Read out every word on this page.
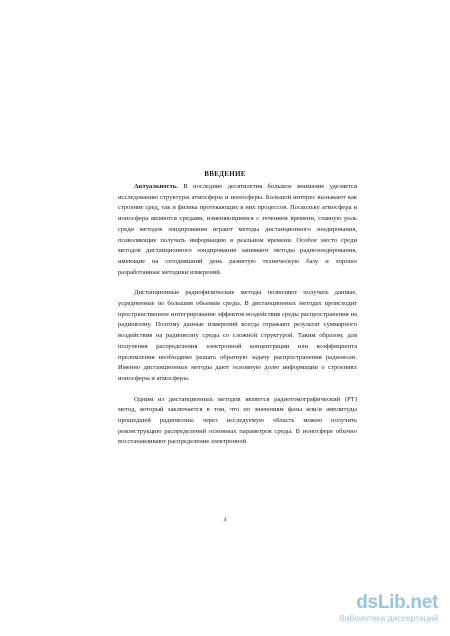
ВВЕДЕНИЕ

Актуальность. В последние десятилетия большое внимание уделяется исследованию структуры атмосферы и ионосферы. Большой интерес вызывают как строение сред, так и физика протекающих в них процессов. Поскольку атмосфера и ионосфера являются средами, изменяющимися с течением времени, главную роль среди методов зондирования играют методы дистанционного зондирования, позволяющие получать информацию в реальном времени. Особое место среди методов дистанционного зондирования занимают методы радиозондирования, имеющие на сегодняшний день развитую техническую базу и хорошо разработанные методики измерений.

Дистанционные радиофизические методы позволяют получать данные, усредненные по большим объемам среды. В дистанционных методах происходит пространственное интегрирование эффектов воздействия среды распространения на радиоволну. Поэтому данные измерений всегда отражают результат суммарного воздействия на радиоволну среды со сложной структурой. Таким образом, для получения распределения электронной концентрации или коэффициента преломления необходимо решать обратную задачу распространения радиоволн. Именно дистанционные методы дают основную долю информации о строениях ионосферы и атмосферы.

Одним из дистанционных методов является радиотомографический (РТ) метод, который заключается в том, что по значениям фазы или/и амплитуды прошедшей радиоволны через исследуемую область можно получить реконструкцию распределений основных параметров среды. В ионосфере обычно восстанавливают распределение электронной

4
dsLib.net
библиотека диссертаций
